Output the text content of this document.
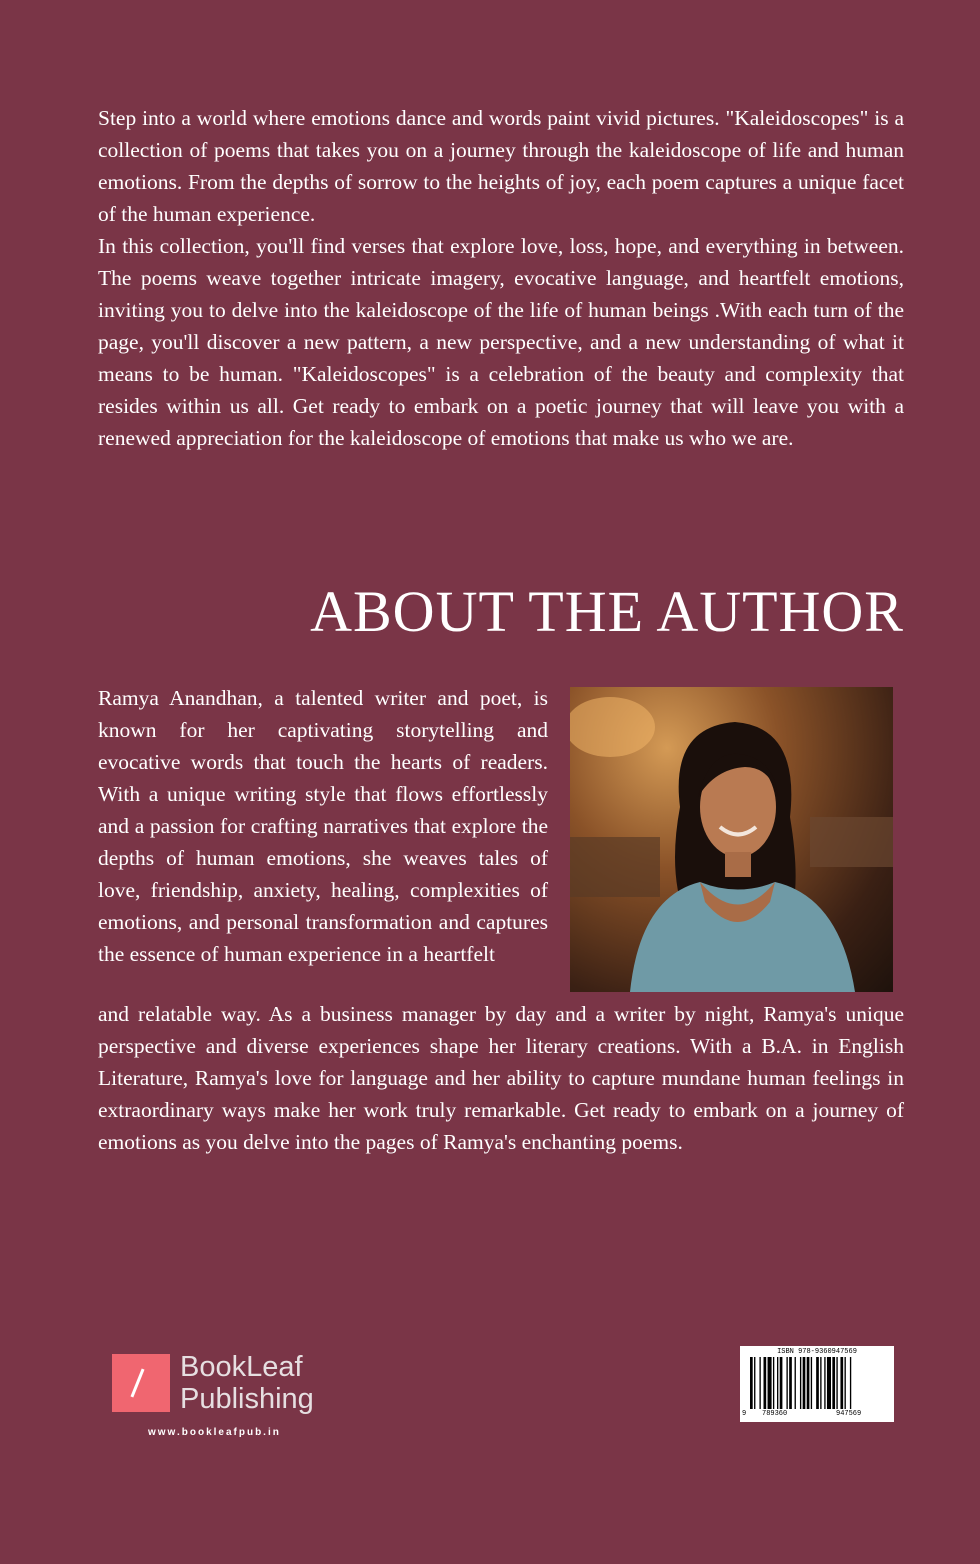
Step into a world where emotions dance and words paint vivid pictures. "Kaleidoscopes" is a collection of poems that takes you on a journey through the kaleidoscope of life and human emotions. From the depths of sorrow to the heights of joy, each poem captures a unique facet of the human experience.

In this collection, you'll find verses that explore love, loss, hope, and everything in between. The poems weave together intricate imagery, evocative language, and heartfelt emotions, inviting you to delve into the kaleidoscope of the life of human beings .With each turn of the page, you'll discover a new pattern, a new perspective, and a new understanding of what it means to be human. "Kaleidoscopes" is a celebration of the beauty and complexity that resides within us all. Get ready to embark on a poetic journey that will leave you with a renewed appreciation for the kaleidoscope of emotions that make us who we are.

ABOUT THE AUTHOR

Ramya Anandhan, a talented writer and poet, is known for her captivating storytelling and evocative words that touch the hearts of readers. With a unique writing style that flows effortlessly and a passion for crafting narratives that explore the depths of human emotions, she weaves tales of love, friendship, anxiety, healing, complexities of emotions, and personal transformation and captures the essence of human experience in a heartfelt

and relatable way. As a business manager by day and a writer by night, Ramya's unique perspective and diverse experiences shape her literary creations. With a B.A. in English Literature, Ramya's love for language and her ability to capture mundane human feelings in extraordinary ways make her work truly remarkable. Get ready to embark on a journey of emotions as you delve into the pages of Ramya's enchanting poems.

BookLeaf
Publishing
www.bookleafpub.in
ISBN 978-9360947569
9 789360	947569
